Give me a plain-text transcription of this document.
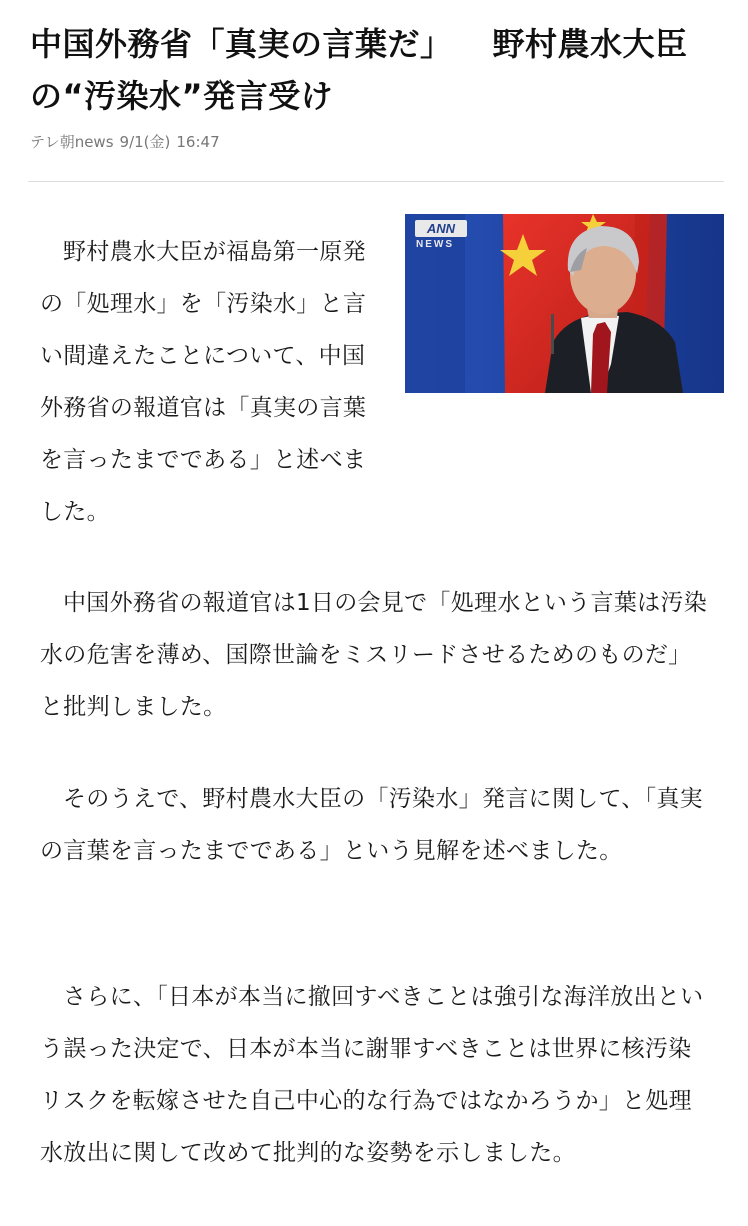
中国外務省「真実の言葉だ」 野村農水大臣の“汚染水”発言受け
テレ朝news 9/1(金) 16:47
ANN
NEWS

野村農水大臣が福島第一原発の「処理水」を「汚染水」と言い間違えたことについて、中国外務省の報道官は「真実の言葉を言ったまでである」と述べました。

中国外務省の報道官は1日の会見で「処理水という言葉は汚染水の危害を薄め、国際世論をミスリードさせるためのものだ」と批判しました。

そのうえで、野村農水大臣の「汚染水」発言に関して、「真実の言葉を言ったまでである」という見解を述べました。

さらに、「日本が本当に撤回すべきことは強引な海洋放出という誤った決定で、日本が本当に謝罪すべきことは世界に核汚染リスクを転嫁させた自己中心的な行為ではなかろうか」と処理水放出に関して改めて批判的な姿勢を示しました。
